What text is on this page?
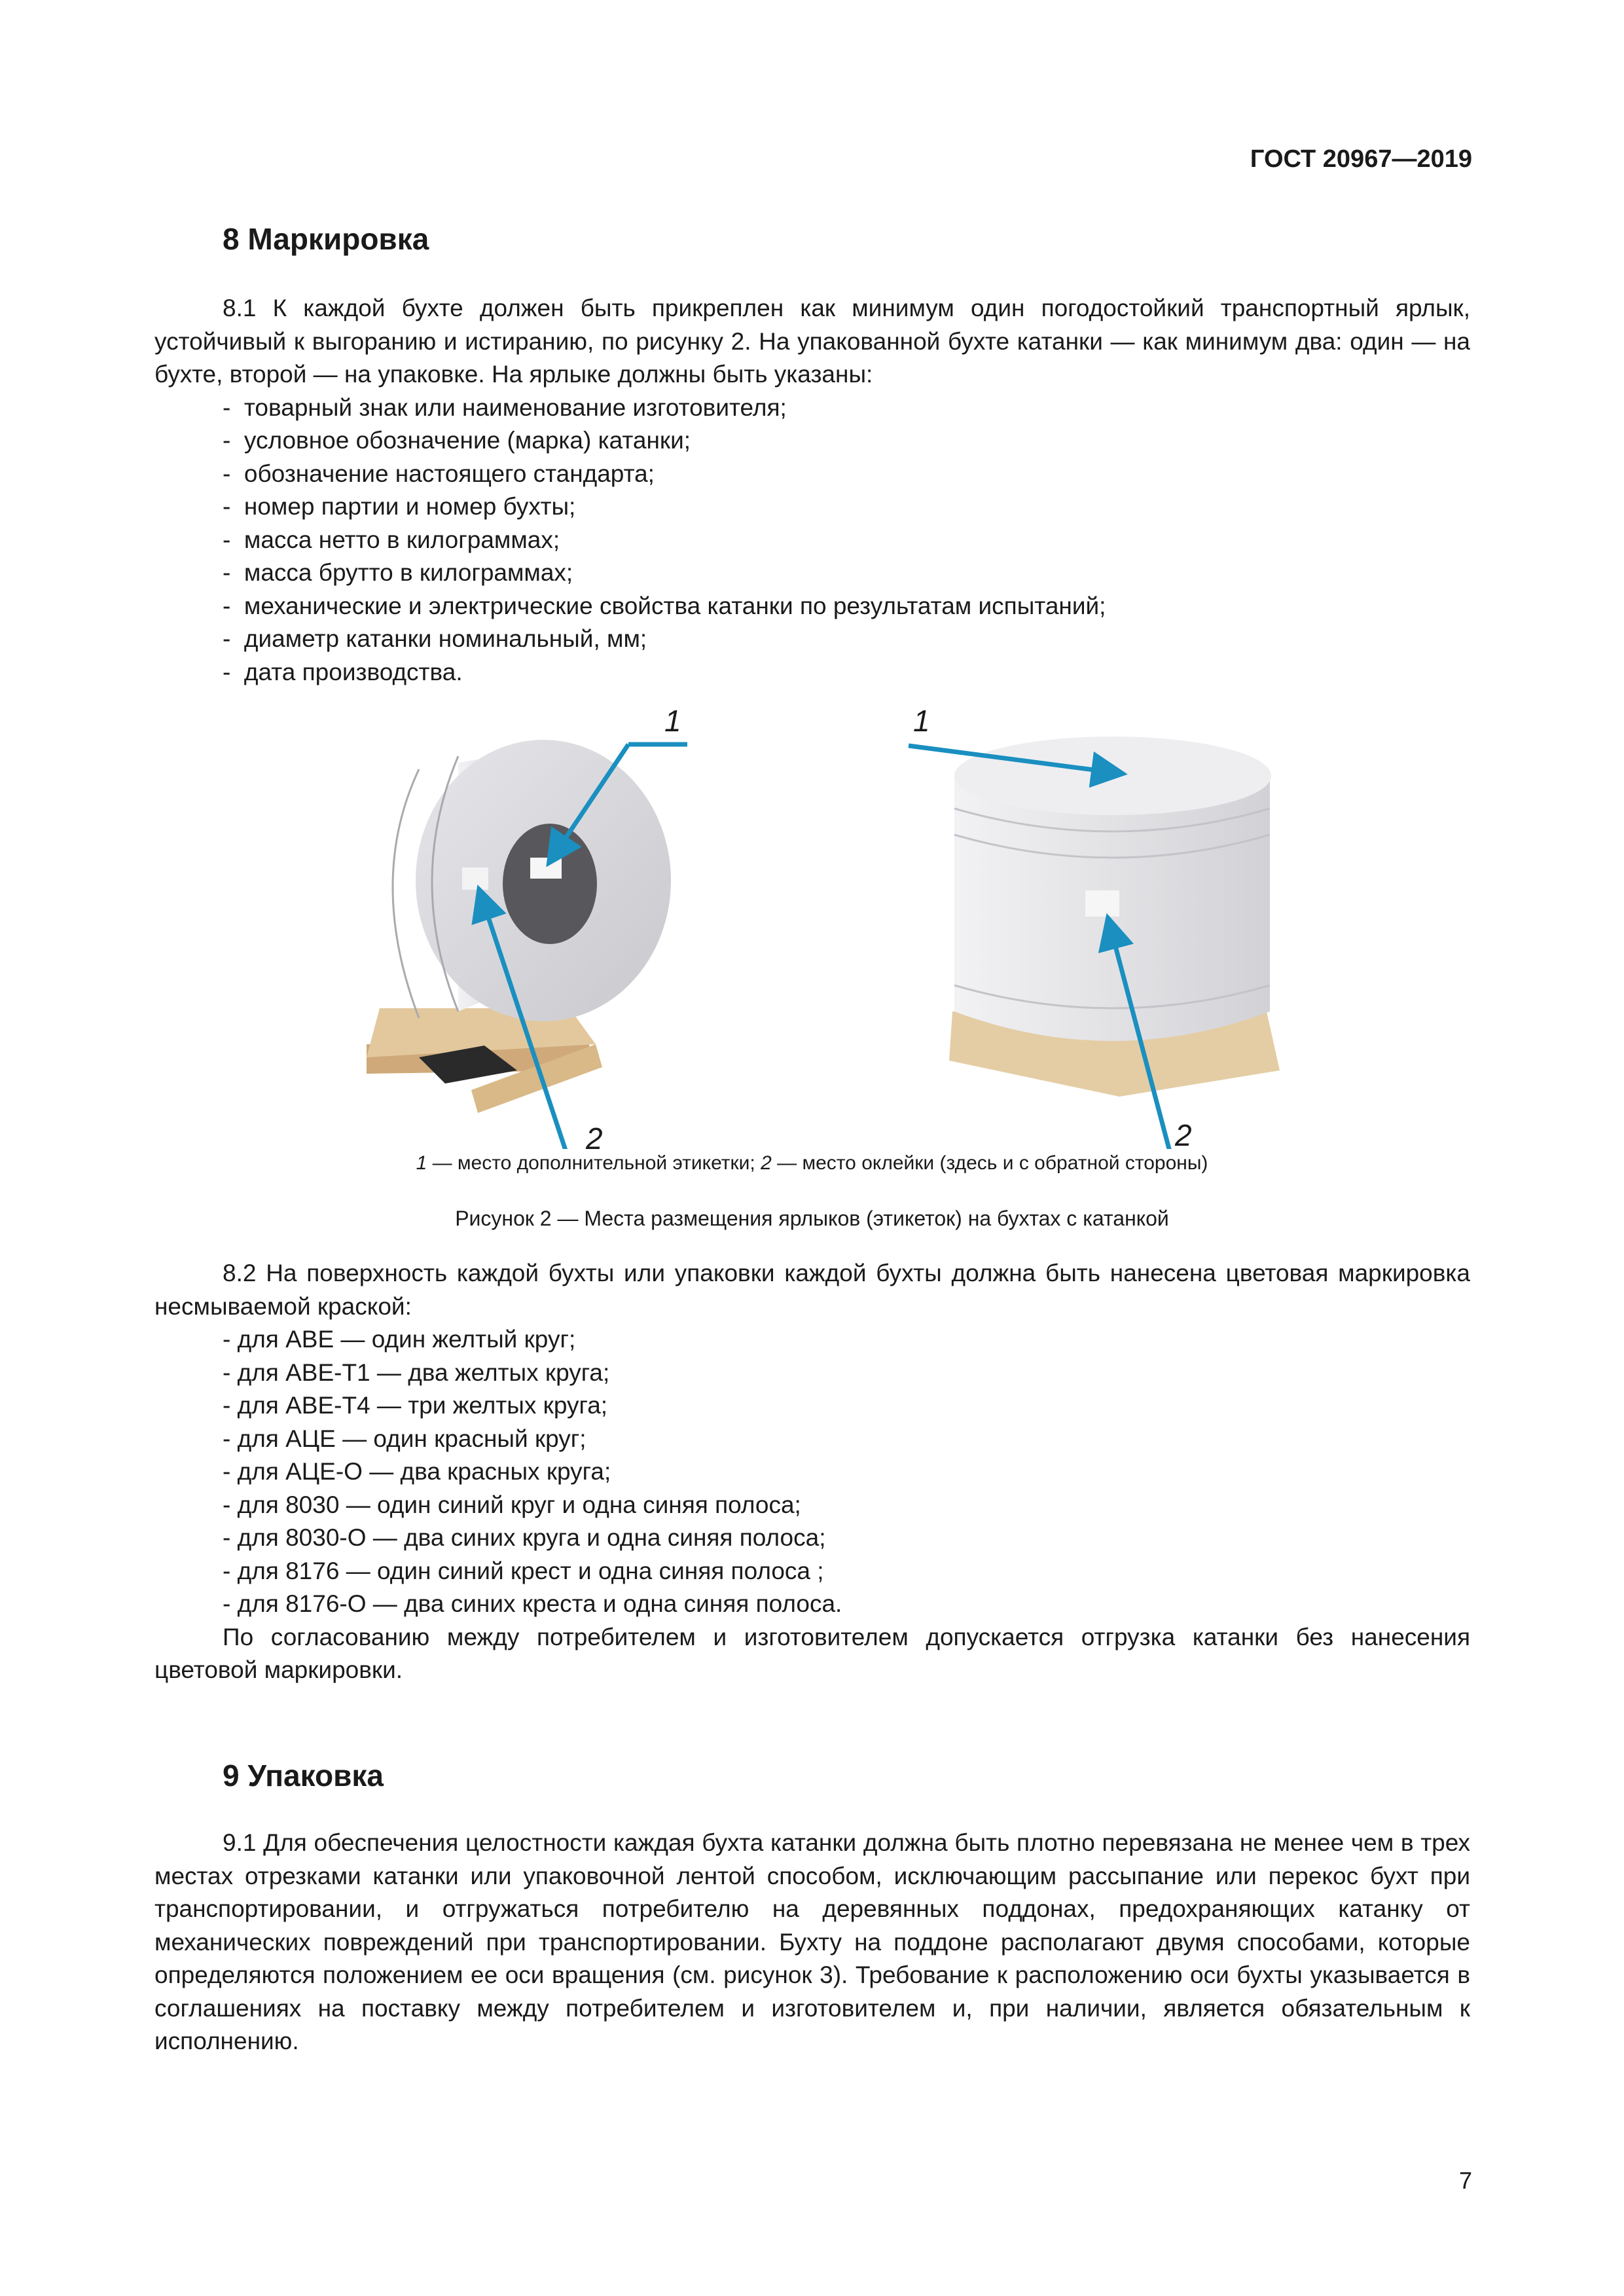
ГОСТ 20967—2019
8 Маркировка

8.1 К каждой бухте должен быть прикреплен как минимум один погодостойкий транспортный ярлык, устойчивый к выгоранию и истиранию, по рисунку 2. На упакованной бухте катанки — как минимум два: один — на бухте, второй — на упаковке. На ярлыке должны быть указаны:

- товарный знак или наименование изготовителя;
- условное обозначение (марка) катанки;
- обозначение настоящего стандарта;
- номер партии и номер бухты;
- масса нетто в килограммах;
- масса брутто в килограммах;
- механические и электрические свойства катанки по результатам испытаний;
- диаметр катанки номинальный, мм;
- дата производства.
1
2
1
2
1 — место дополнительной этикетки; 2 — место оклейки (здесь и с обратной стороны)
Рисунок 2 — Места размещения ярлыков (этикеток) на бухтах с катанкой

8.2 На поверхность каждой бухты или упаковки каждой бухты должна быть нанесена цветовая маркировка несмываемой краской:

- для АВЕ — один желтый круг;
- для АВЕ-Т1 — два желтых круга;
- для АВЕ-Т4 — три желтых круга;
- для АЦЕ — один красный круг;
- для АЦЕ-О — два красных круга;
- для 8030 — один синий круг и одна синяя полоса;
- для 8030-О — два синих круга и одна синяя полоса;
- для 8176 — один синий крест и одна синяя полоса ;
- для 8176-О — два синих креста и одна синяя полоса.

По согласованию между потребителем и изготовителем допускается отгрузка катанки без нанесения цветовой маркировки.

9 Упаковка

9.1 Для обеспечения целостности каждая бухта катанки должна быть плотно перевязана не менее чем в трех местах отрезками катанки или упаковочной лентой способом, исключающим рассыпание или перекос бухт при транспортировании, и отгружаться потребителю на деревянных поддонах, предохраняющих катанку от механических повреждений при транспортировании. Бухту на поддоне располагают двумя способами, которые определяются положением ее оси вращения (см. рисунок 3). Требование к расположению оси бухты указывается в соглашениях на поставку между потребителем и изготовителем и, при наличии, является обязательным к исполнению.

7
